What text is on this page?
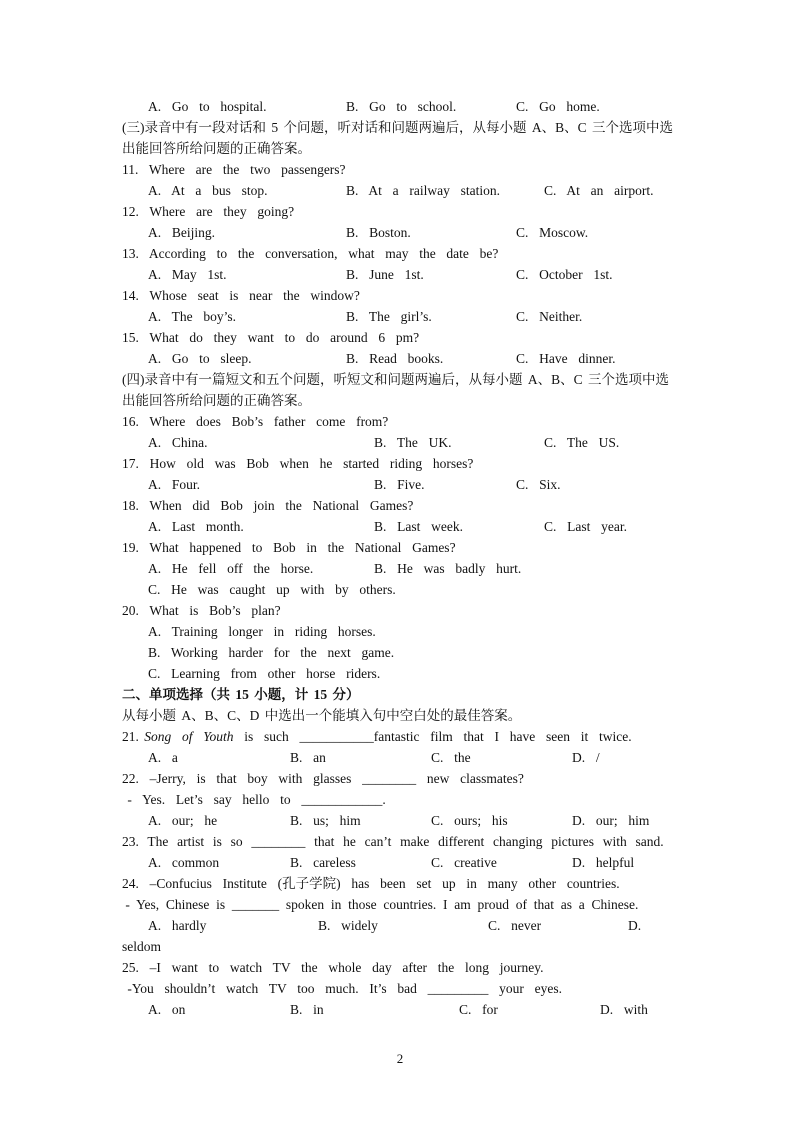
A.  Go  to  hospital.	B.  Go  to  school.	C.  Go  home.
(三)录音中有一段对话和 5 个问题，听对话和问题两遍后，从每小题 A、B、C 三个选项中选
出能回答所给问题的正确答案。
11.  Where  are  the  two  passengers?
A.  At  a  bus  stop.	B.  At  a  railway  station.	C.  At  an  airport.
12.  Where  are  they  going?
A.  Beijing.	B.  Boston.	C.  Moscow.
13.  According  to  the  conversation,  what  may  the  date  be?
A.  May  1st.	B.  June  1st.	C.  October  1st.
14.  Whose  seat  is  near  the  window?
A.  The  boy’s.	B.  The  girl’s.	C.  Neither.
15.  What  do  they  want  to  do  around  6  pm?
A.  Go  to  sleep.	B.  Read  books.	C.  Have  dinner.
(四)录音中有一篇短文和五个问题，听短文和问题两遍后，从每小题 A、B、C 三个选项中选
出能回答所给问题的正确答案。
16.  Where  does  Bob’s  father  come  from?
A.  China.	B.  The  UK.	C.  The  US.
17.  How  old  was  Bob  when  he  started  riding  horses?
A.  Four.	B.  Five.	C.  Six.
18.  When  did  Bob  join  the  National  Games?
A.  Last  month.	B.  Last  week.	C.  Last  year.
19.  What  happened  to  Bob  in  the  National  Games?
A.  He  fell  off  the  horse.	B.  He  was  badly  hurt.
C.  He  was  caught  up  with  by  others.
20.  What  is  Bob’s  plan?
A.  Training  longer  in  riding  horses.
B.  Working  harder  for  the  next  game.
C.  Learning  from  other  horse  riders.
二、单项选择（共 15 小题，计 15 分）
从每小题 A、B、C、D 中选出一个能填入句中空白处的最佳答案。
21. Song  of  Youth  is  such  ___________fantastic  film  that  I  have  seen  it  twice.
A.  a	B.  an	C.  the	D.  /
22.  –Jerry,  is  that  boy  with  glasses  ________  new  classmates?
-  Yes.  Let’s  say  hello  to  ____________.
A.  our;  he	B.  us;  him	C.  ours;  his	D.  our;  him
23.  The  artist  is  so  ________  that  he  can’t  make  different  changing  pictures  with  sand.
A.  common	B.  careless	C.  creative	D.  helpful
24.  –Confucius  Institute  (孔子学院)  has  been  set  up  in  many  other  countries.
-  Yes,  Chinese  is  _______  spoken  in  those  countries.  I  am  proud  of  that  as  a  Chinese.
A.  hardly	B.  widely	C.  never	D.
seldom
25.  –I  want  to  watch  TV  the  whole  day  after  the  long  journey.
-You  shouldn’t  watch  TV  too  much.  It’s  bad  _________  your  eyes.
A.  on	B.  in	C.  for	D.  with
2
